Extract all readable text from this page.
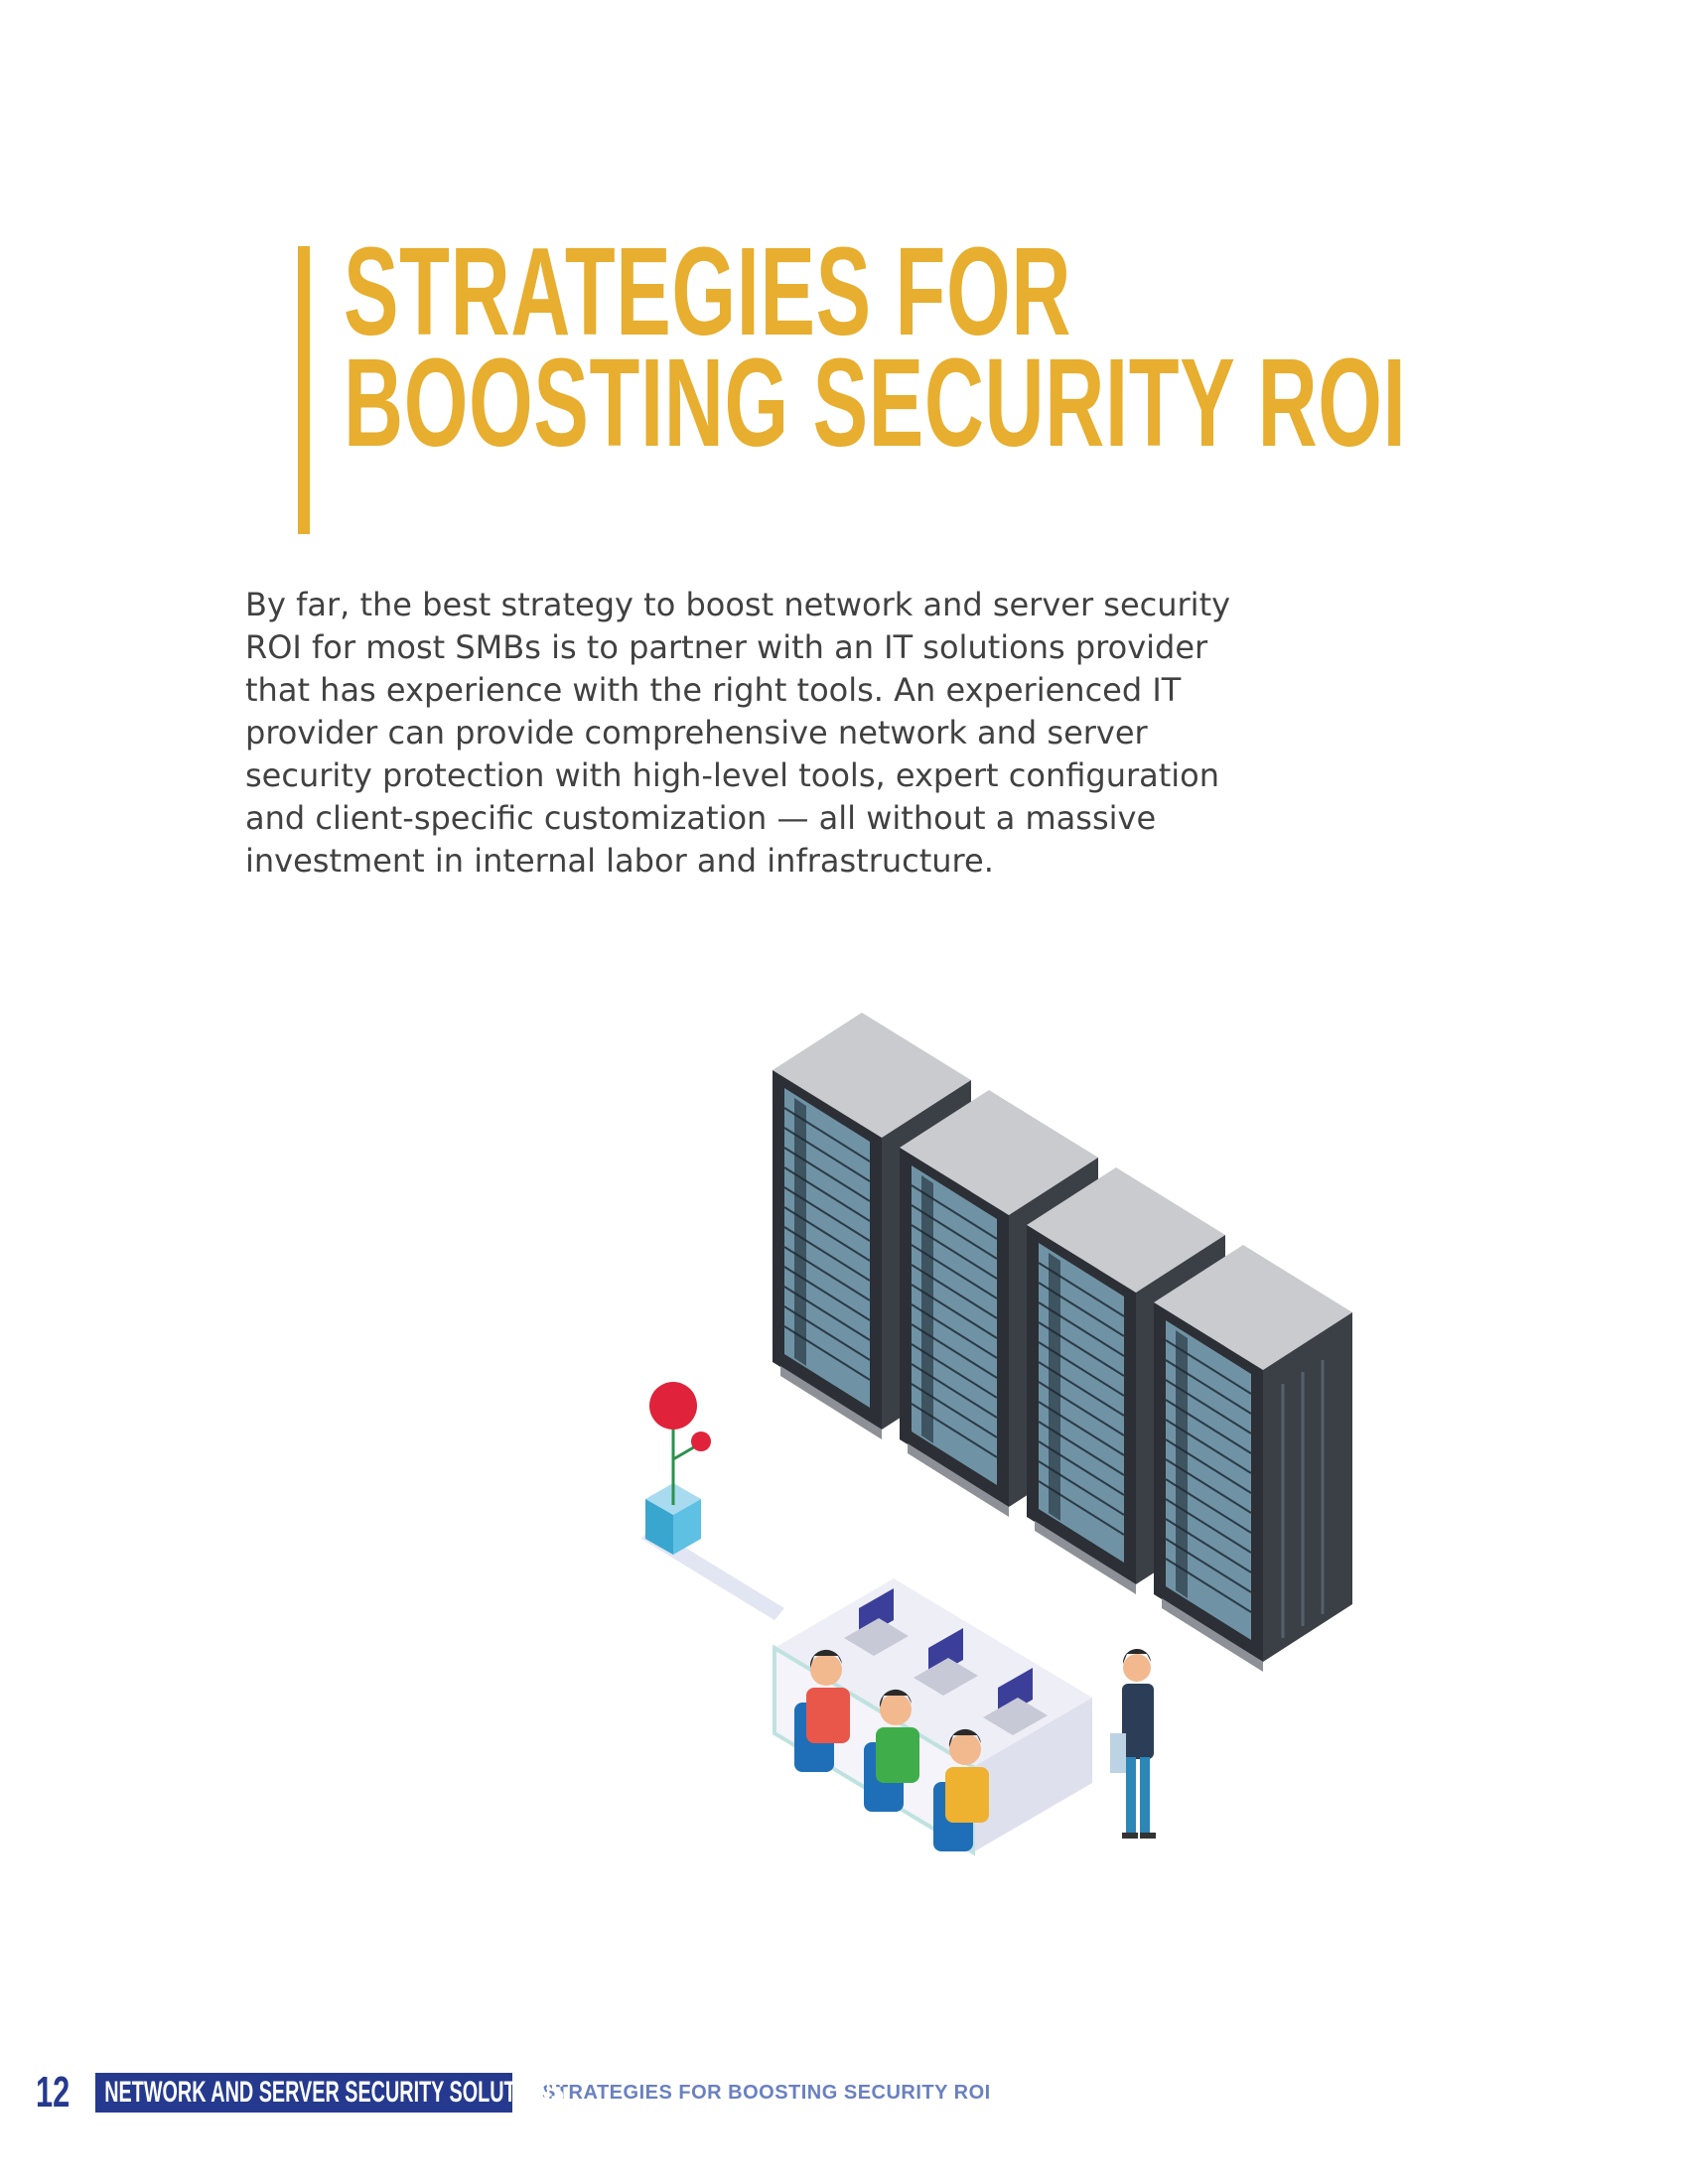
STRATEGIES FOR
BOOSTING SECURITY ROI

By far, the best strategy to boost network and server security ROI for most SMBs is to partner with an IT solutions provider that has experience with the right tools. An experienced IT provider can provide comprehensive network and server security protection with high-level tools, expert configuration and client-specific customization — all without a massive investment in internal labor and infrastructure.

12	NETWORK AND SERVER SECURITY SOLUTIONS
STRATEGIES FOR BOOSTING SECURITY ROI
